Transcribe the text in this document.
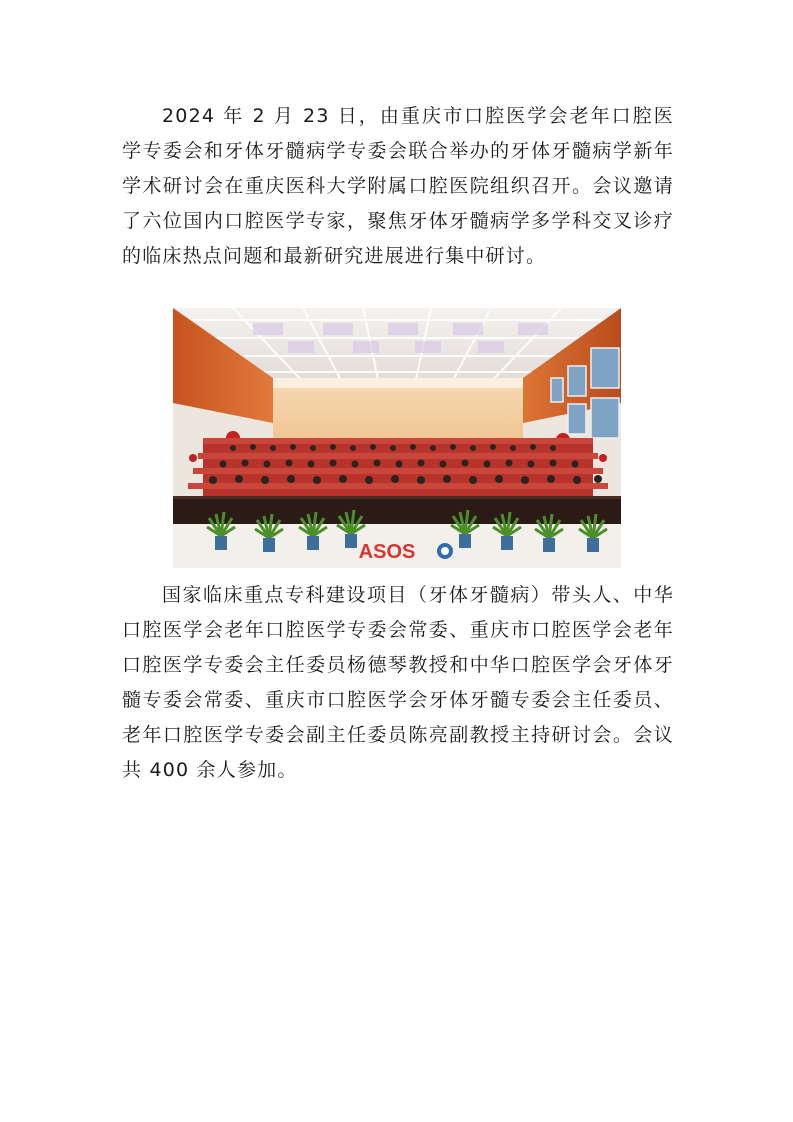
2024 年 2 月 23 日，由重庆市口腔医学会老年口腔医学专委会和牙体牙髓病学专委会联合举办的牙体牙髓病学新年学术研讨会在重庆医科大学附属口腔医院组织召开。会议邀请了六位国内口腔医学专家，聚焦牙体牙髓病学多学科交叉诊疗的临床热点问题和最新研究进展进行集中研讨。

ASOS

国家临床重点专科建设项目（牙体牙髓病）带头人、中华口腔医学会老年口腔医学专委会常委、重庆市口腔医学会老年口腔医学专委会主任委员杨德琴教授和中华口腔医学会牙体牙髓专委会常委、重庆市口腔医学会牙体牙髓专委会主任委员、老年口腔医学专委会副主任委员陈亮副教授主持研讨会。会议共 400 余人参加。
